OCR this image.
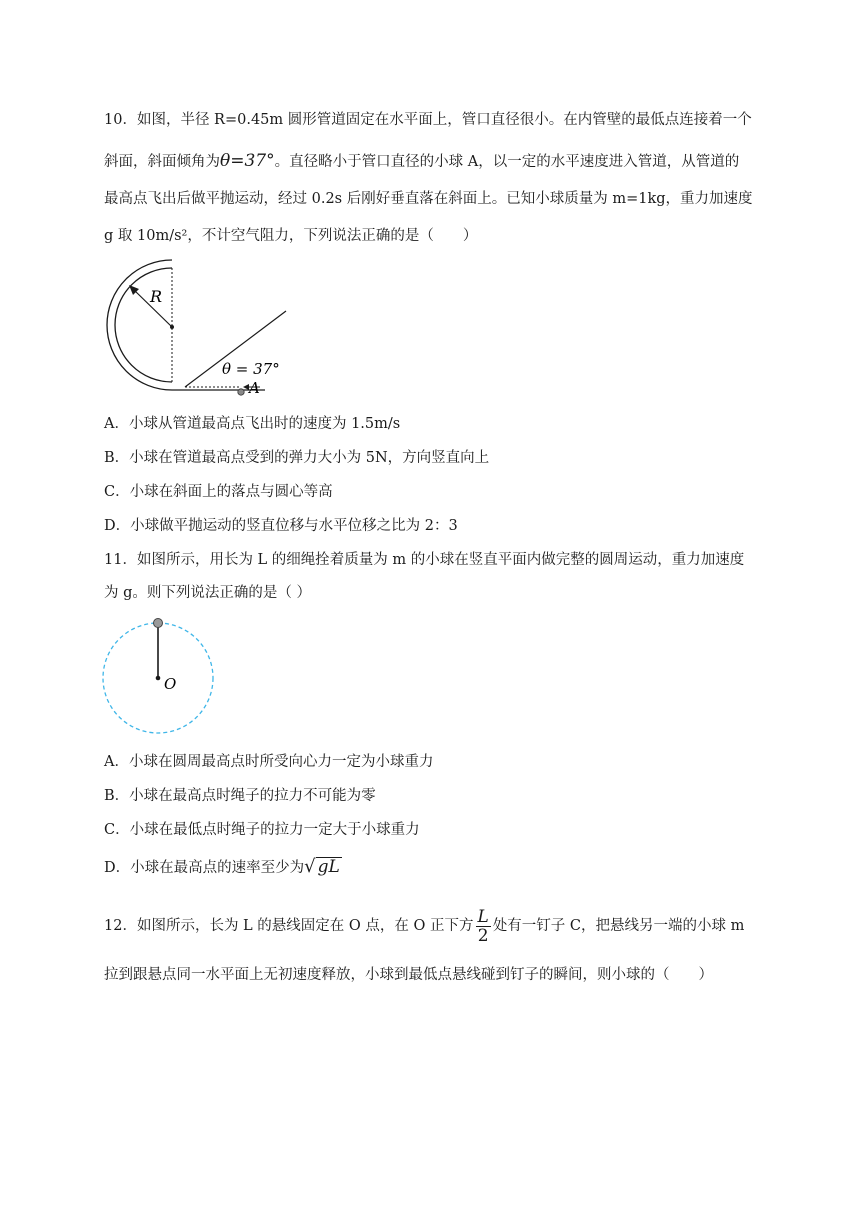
10．如图，半径 R=0.45m 圆形管道固定在水平面上，管口直径很小。在内管壁的最低点连接着一个
斜面，斜面倾角为θ=37°。直径略小于管口直径的小球 A，以一定的水平速度进入管道，从管道的
最高点飞出后做平抛运动，经过 0.2s 后刚好垂直落在斜面上。已知小球质量为 m=1kg，重力加速度
g 取 10m/s²，不计空气阻力，下列说法正确的是（　　）
R
θ = 37°
A
A．小球从管道最高点飞出时的速度为 1.5m/s
B．小球在管道最高点受到的弹力大小为 5N，方向竖直向上
C．小球在斜面上的落点与圆心等高
D．小球做平抛运动的竖直位移与水平位移之比为 2：3
11．如图所示，用长为 L 的细绳拴着质量为 m 的小球在竖直平面内做完整的圆周运动，重力加速度
为 g。则下列说法正确的是（ ）
O
A．小球在圆周最高点时所受向心力一定为小球重力
B．小球在最高点时绳子的拉力不可能为零
C．小球在最低点时绳子的拉力一定大于小球重力
D．小球在最高点的速率至少为√ gL
12．如图所示，长为 L 的悬线固定在 O 点，在 O 正下方 $\frac{L}{2}$ 处有一钉子 C，把悬线另一端的小球 m
拉到跟悬点同一水平面上无初速度释放，小球到最低点悬线碰到钉子的瞬间，则小球的（　　）
